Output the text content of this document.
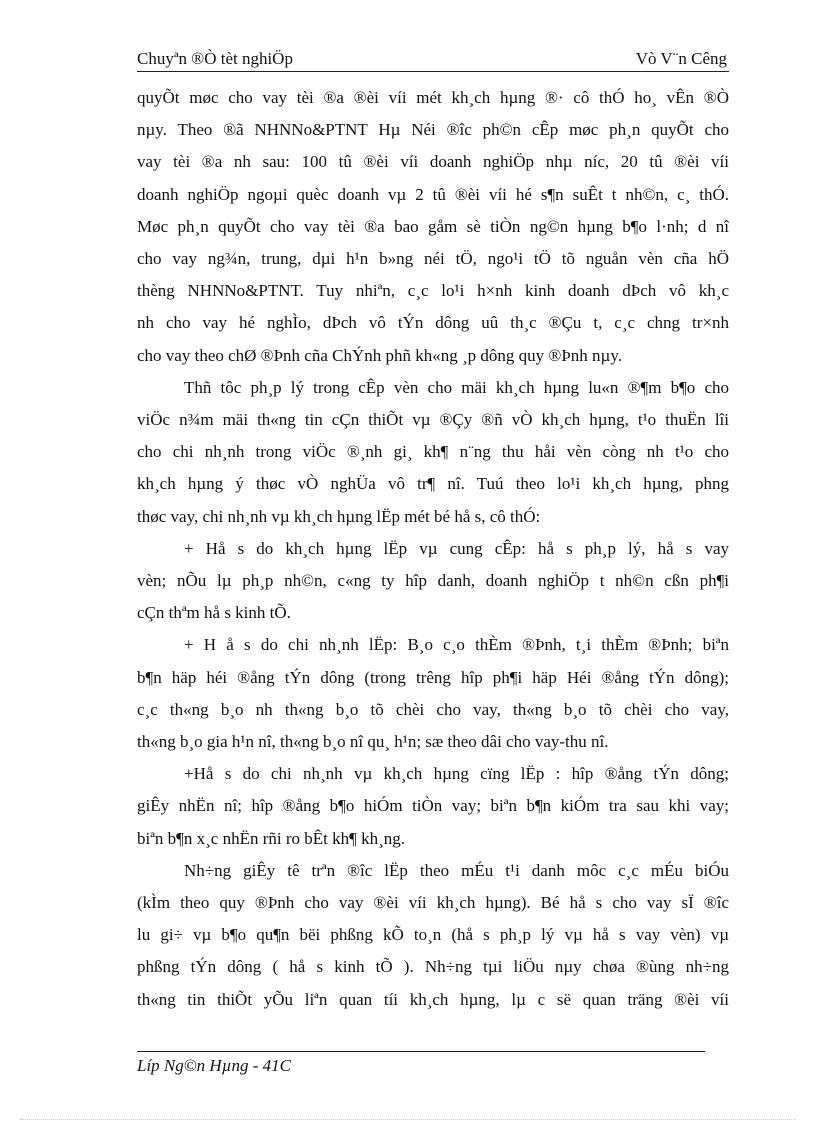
Chuyªn ®Ò tèt nghiÖp	Vò V¨n Cêng
quyÕt møc cho vay tèi ®a ®èi víi mét kh¸ch hµng ®· cô thÓ ho¸ vÊn ®Ò
nµy. Theo ®ã NHNNo&PTNT Hµ Néi ®îc ph©n cÊp møc ph¸n quyÕt cho
vay tèi ®a nh sau: 100 tû ®èi víi doanh nghiÖp nhµ níc, 20 tû ®èi víi
doanh nghiÖp ngoµi quèc doanh vµ 2 tû ®èi víi hé s¶n suÊt t nh©n, c¸ thÓ.
Møc ph¸n quyÕt cho vay tèi ®a bao gåm sè tiÒn ng©n hµng b¶o l·nh; d nî
cho vay ng¾n, trung, dµi h¹n b»ng néi tÖ, ngo¹i tÖ tõ nguån vèn cña hÖ
thèng NHNNo&PTNT. Tuy nhiªn, c¸c lo¹i h×nh kinh doanh dÞch vô kh¸c
nh cho vay hé nghÌo, dÞch vô tÝn dông uû th¸c ®Çu t, c¸c chng tr×nh
cho vay theo chØ ®Þnh cña ChÝnh phñ kh«ng ¸p dông quy ®Þnh nµy.
Thñ tôc ph¸p lý trong cÊp vèn cho mäi kh¸ch hµng lu«n ®¶m b¶o cho
viÖc n¾m mäi th«ng tin cÇn thiÕt vµ ®Çy ®ñ vÒ kh¸ch hµng, t¹o thuËn lîi
cho chi nh¸nh trong viÖc ®¸nh gi¸ kh¶ n¨ng thu håi vèn còng nh t¹o cho
kh¸ch hµng ý thøc vÒ nghÜa vô tr¶ nî. Tuú theo lo¹i kh¸ch hµng, phng
thøc vay, chi nh¸nh vµ kh¸ch hµng lËp mét bé hå s, cô thÓ:
+ Hå s do kh¸ch hµng lËp vµ cung cÊp: hå s ph¸p lý, hå s vay
vèn; nÕu lµ ph¸p nh©n, c«ng ty hîp danh, doanh nghiÖp t nh©n cßn ph¶i
cÇn thªm hå s kinh tÕ.
+ H å s do chi nh¸nh lËp: B¸o c¸o thÈm ®Þnh, t¸i thÈm ®Þnh; biªn
b¶n häp héi ®ång tÝn dông (trong trêng hîp ph¶i häp Héi ®ång tÝn dông);
c¸c th«ng b¸o nh th«ng b¸o tõ chèi cho vay, th«ng b¸o tõ chèi cho vay,
th«ng b¸o gia h¹n nî, th«ng b¸o nî qu¸ h¹n; sæ theo dâi cho vay-thu nî.
+Hå s do chi nh¸nh vµ kh¸ch hµng cïng lËp : hîp ®ång tÝn dông;
giÊy nhËn nî; hîp ®ång b¶o hiÓm tiÒn vay; biªn b¶n kiÓm tra sau khi vay;
biªn b¶n x¸c nhËn rñi ro bÊt kh¶ kh¸ng.
Nh÷ng giÊy tê trªn ®îc lËp theo mÉu t¹i danh môc c¸c mÉu biÓu
(kÌm theo quy ®Þnh cho vay ®èi víi kh¸ch hµng). Bé hå s cho vay sÏ ®îc
lu gi÷ vµ b¶o qu¶n bëi phßng kÕ to¸n (hå s ph¸p lý vµ hå s vay vèn) vµ
phßng tÝn dông ( hå s kinh tÕ ). Nh÷ng tµi liÖu nµy chøa ®ùng nh÷ng
th«ng tin thiÕt yÕu liªn quan tíi kh¸ch hµng, lµ c së quan träng ®èi víi
Líp Ng©n Hµng - 41C
